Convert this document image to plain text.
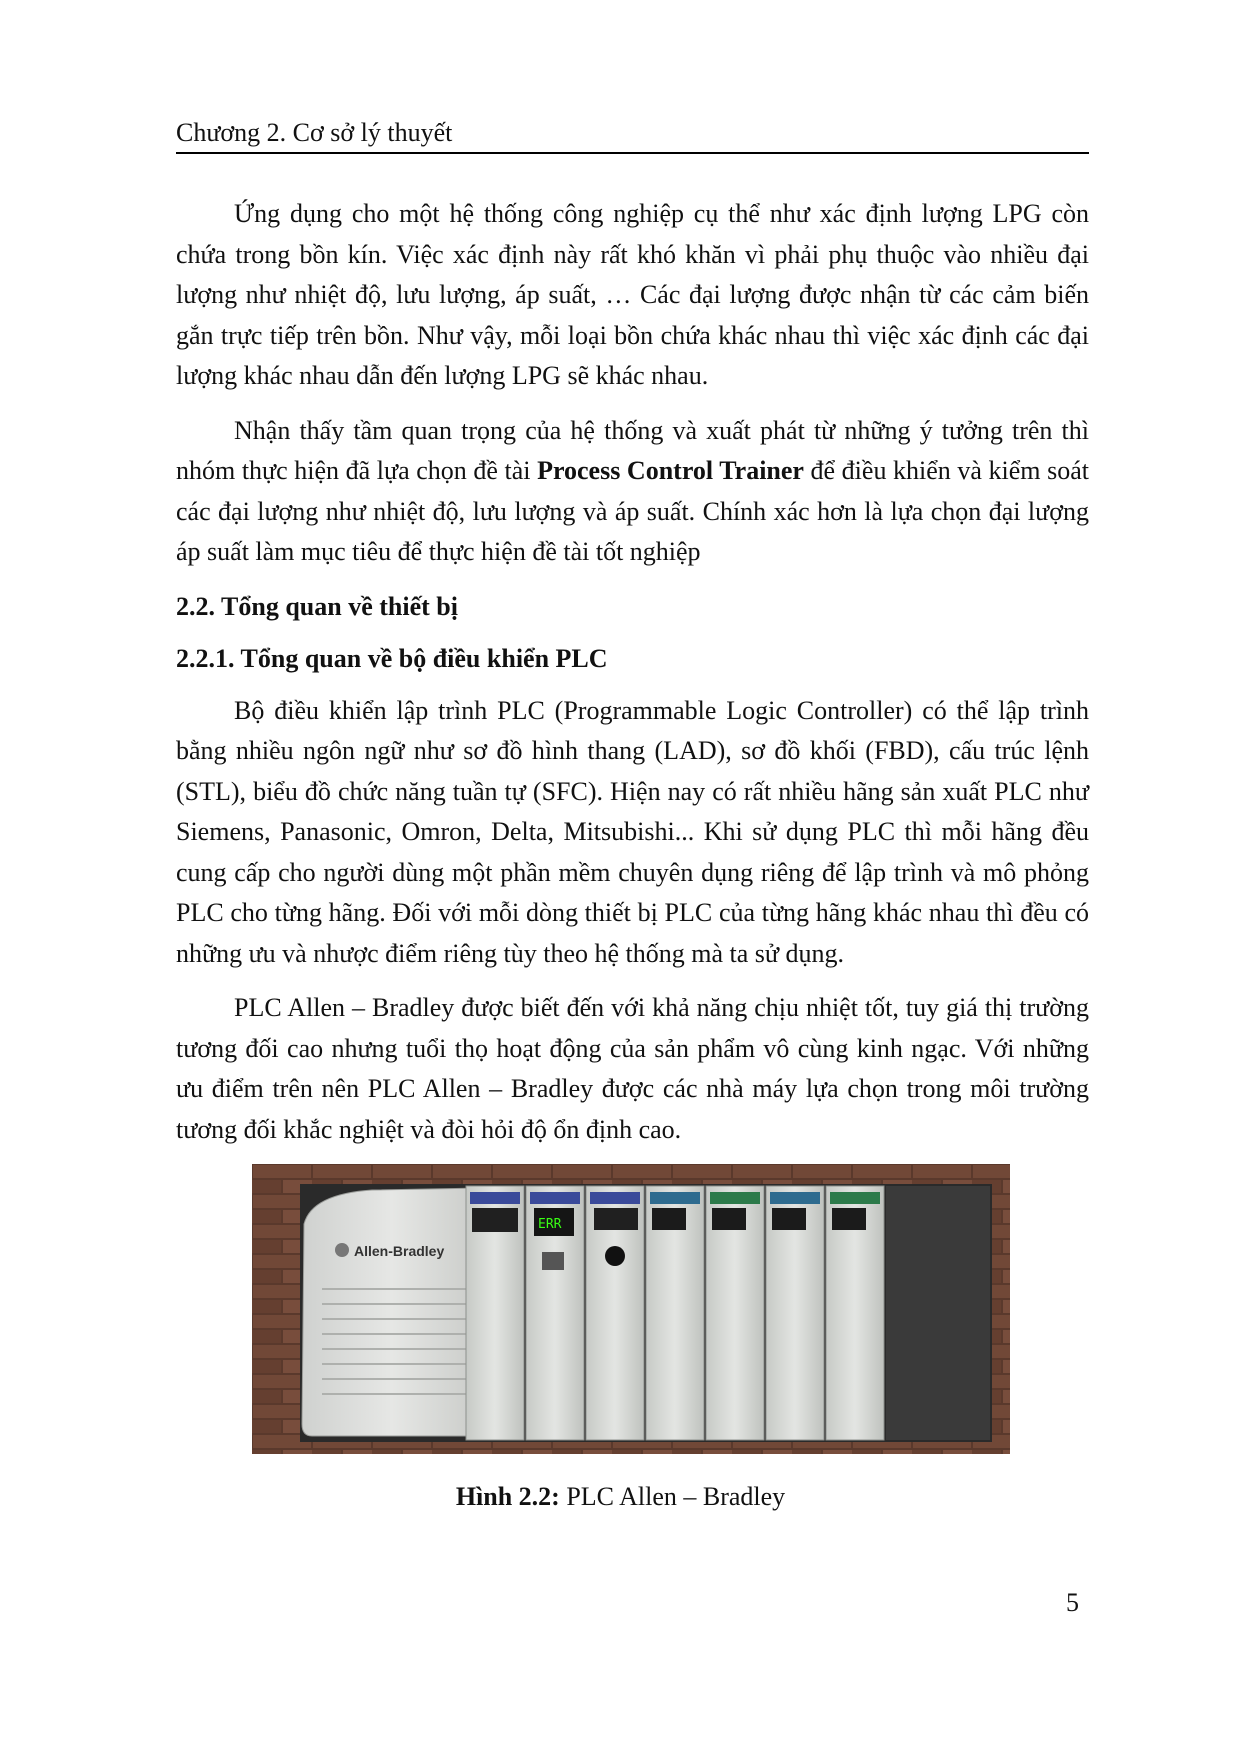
Chương 2. Cơ sở lý thuyết

Ứng dụng cho một hệ thống công nghiệp cụ thể như xác định lượng LPG còn chứa trong bồn kín. Việc xác định này rất khó khăn vì phải phụ thuộc vào nhiều đại lượng như nhiệt độ, lưu lượng, áp suất, … Các đại lượng được nhận từ các cảm biến gắn trực tiếp trên bồn. Như vậy, mỗi loại bồn chứa khác nhau thì việc xác định các đại lượng khác nhau dẫn đến lượng LPG sẽ khác nhau.

Nhận thấy tầm quan trọng của hệ thống và xuất phát từ những ý tưởng trên thì nhóm thực hiện đã lựa chọn đề tài Process Control Trainer để điều khiển và kiểm soát các đại lượng như nhiệt độ, lưu lượng và áp suất. Chính xác hơn là lựa chọn đại lượng áp suất làm mục tiêu để thực hiện đề tài tốt nghiệp

2.2. Tổng quan về thiết bị
2.2.1. Tổng quan về bộ điều khiển PLC

Bộ điều khiển lập trình PLC (Programmable Logic Controller) có thể lập trình bằng nhiều ngôn ngữ như sơ đồ hình thang (LAD), sơ đồ khối (FBD), cấu trúc lệnh (STL), biểu đồ chức năng tuần tự (SFC). Hiện nay có rất nhiều hãng sản xuất PLC như Siemens, Panasonic, Omron, Delta, Mitsubishi... Khi sử dụng PLC thì mỗi hãng đều cung cấp cho người dùng một phần mềm chuyên dụng riêng để lập trình và mô phỏng PLC cho từng hãng. Đối với mỗi dòng thiết bị PLC của từng hãng khác nhau thì đều có những ưu và nhược điểm riêng tùy theo hệ thống mà ta sử dụng.

PLC Allen – Bradley được biết đến với khả năng chịu nhiệt tốt, tuy giá thị trường tương đối cao nhưng tuổi thọ hoạt động của sản phẩm vô cùng kinh ngạc. Với những ưu điểm trên nên PLC Allen – Bradley được các nhà máy lựa chọn trong môi trường tương đối khắc nghiệt và đòi hỏi độ ổn định cao.

Allen-Bradley
ERR
Hình 2.2: PLC Allen – Bradley
5
